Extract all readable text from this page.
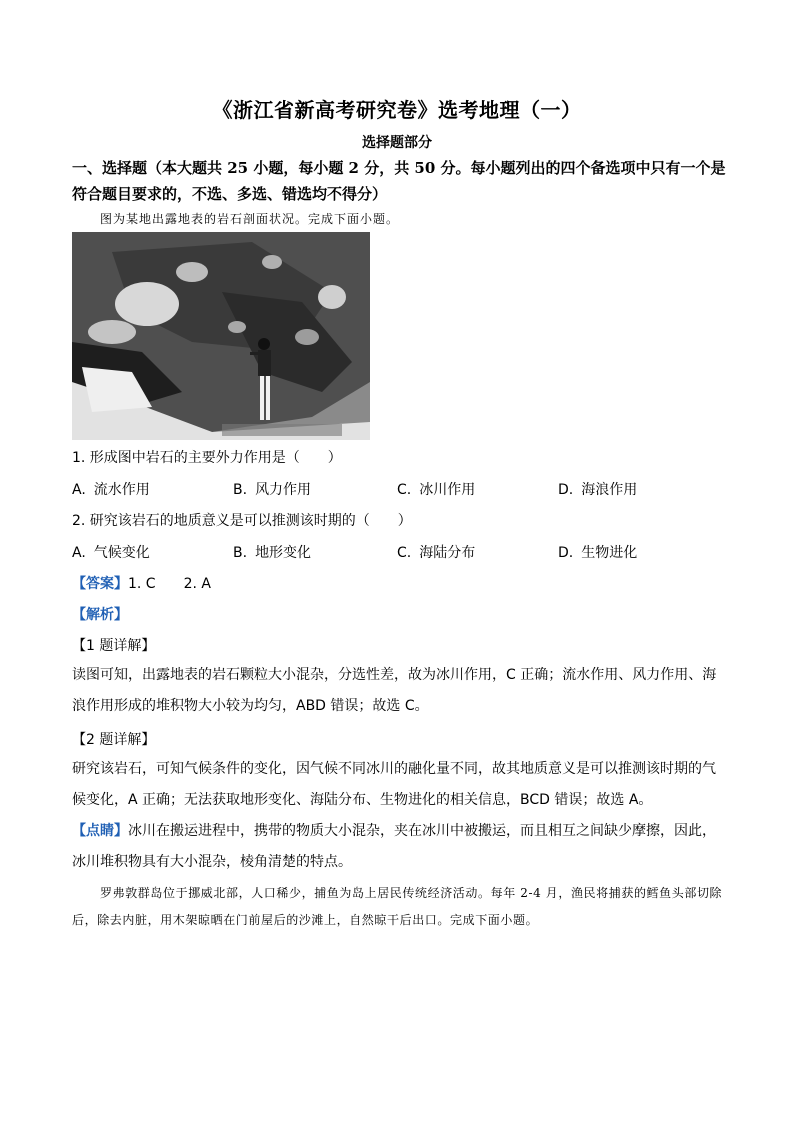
《浙江省新高考研究卷》选考地理（一）
选择题部分
一、选择题（本大题共 25 小题，每小题 2 分，共 50 分。每小题列出的四个备选项中只有一个是符合题目要求的，不选、多选、错选均不得分）
图为某地出露地表的岩石剖面状况。完成下面小题。
1. 形成图中岩石的主要外力作用是（　　）
A. 流水作用	B. 风力作用	C. 冰川作用	D. 海浪作用
2. 研究该岩石的地质意义是可以推测该时期的（　　）
A. 气候变化	B. 地形变化	C. 海陆分布	D. 生物进化
【答案】1. C　　2. A
【解析】
【1 题详解】
读图可知，出露地表的岩石颗粒大小混杂，分选性差，故为冰川作用，C 正确；流水作用、风力作用、海浪作用形成的堆积物大小较为均匀，ABD 错误；故选 C。
【2 题详解】
研究该岩石，可知气候条件的变化，因气候不同冰川的融化量不同，故其地质意义是可以推测该时期的气候变化，A 正确；无法获取地形变化、海陆分布、生物进化的相关信息，BCD 错误；故选 A。
【点睛】冰川在搬运进程中，携带的物质大小混杂，夹在冰川中被搬运，而且相互之间缺少摩擦，因此，冰川堆积物具有大小混杂，棱角清楚的特点。
罗弗敦群岛位于挪威北部，人口稀少，捕鱼为岛上居民传统经济活动。每年 2-4 月，渔民将捕获的鳕鱼头部切除后，除去内脏，用木架晾晒在门前屋后的沙滩上，自然晾干后出口。完成下面小题。
